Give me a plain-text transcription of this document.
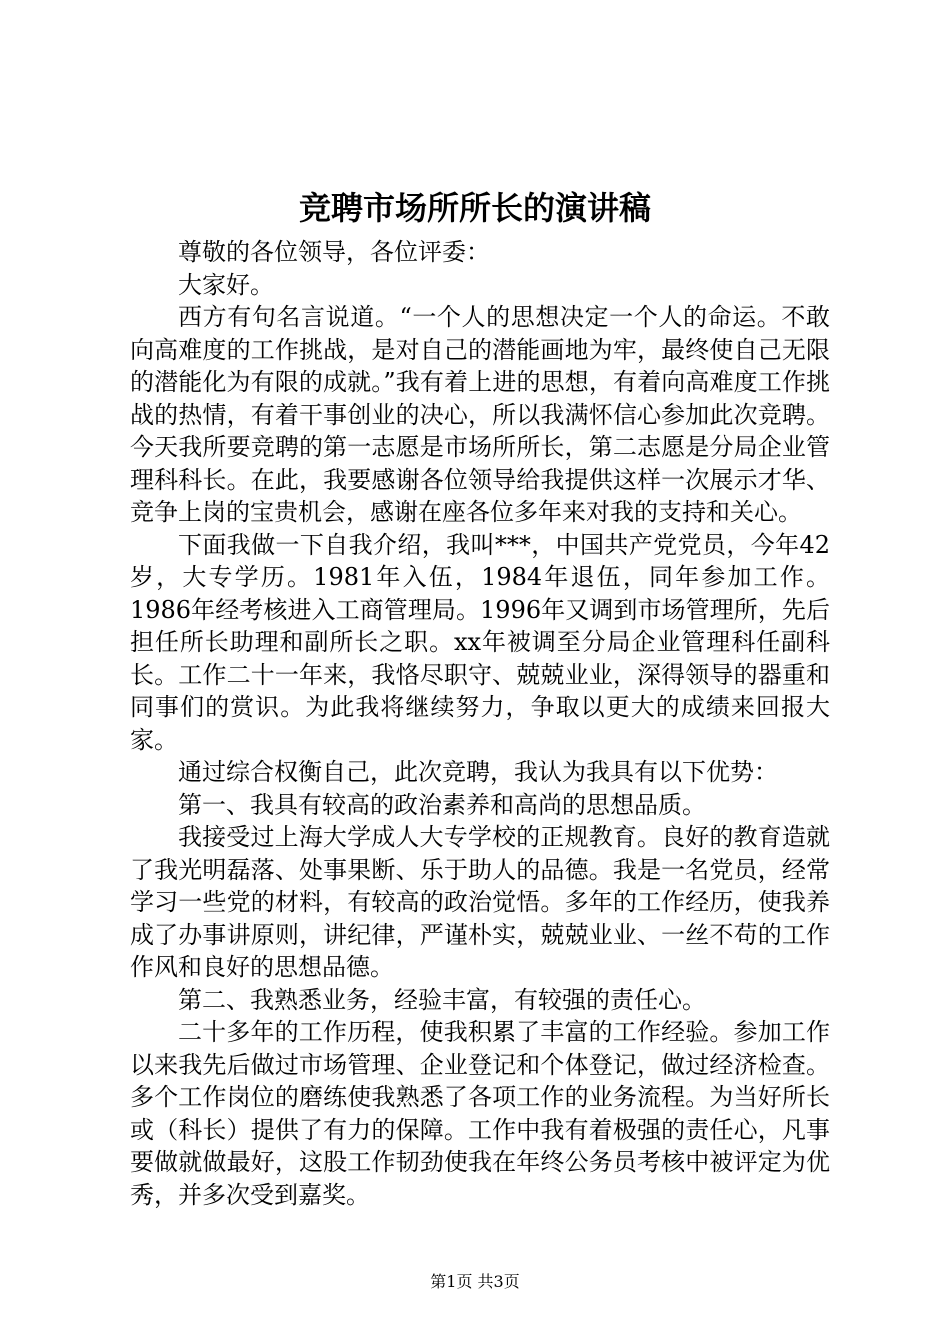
竞聘市场所所长的演讲稿

尊敬的各位领导，各位评委：

大家好。

西方有句名言说道。“一个人的思想决定一个人的命运。不敢向高难度的工作挑战，是对自己的潜能画地为牢，最终使自己无限的潜能化为有限的成就。”我有着上进的思想，有着向高难度工作挑战的热情，有着干事创业的决心，所以我满怀信心参加此次竞聘。今天我所要竞聘的第一志愿是市场所所长，第二志愿是分局企业管理科科长。在此，我要感谢各位领导给我提供这样一次展示才华、竞争上岗的宝贵机会，感谢在座各位多年来对我的支持和关心。

下面我做一下自我介绍，我叫***，中国共产党党员，今年42岁，大专学历。1981年入伍，1984年退伍，同年参加工作。1986年经考核进入工商管理局。1996年又调到市场管理所，先后担任所长助理和副所长之职。xx年被调至分局企业管理科任副科长。工作二十一年来，我恪尽职守、兢兢业业，深得领导的器重和同事们的赏识。为此我将继续努力，争取以更大的成绩来回报大家。

通过综合权衡自己，此次竞聘，我认为我具有以下优势：

第一、我具有较高的政治素养和高尚的思想品质。

我接受过上海大学成人大专学校的正规教育。良好的教育造就了我光明磊落、处事果断、乐于助人的品德。我是一名党员，经常学习一些党的材料，有较高的政治觉悟。多年的工作经历，使我养成了办事讲原则，讲纪律，严谨朴实，兢兢业业、一丝不苟的工作作风和良好的思想品德。

第二、我熟悉业务，经验丰富，有较强的责任心。

二十多年的工作历程，使我积累了丰富的工作经验。参加工作以来我先后做过市场管理、企业登记和个体登记，做过经济检查。多个工作岗位的磨练使我熟悉了各项工作的业务流程。为当好所长或（科长）提供了有力的保障。工作中我有着极强的责任心，凡事要做就做最好，这股工作韧劲使我在年终公务员考核中被评定为优秀，并多次受到嘉奖。

第1页 共3页
